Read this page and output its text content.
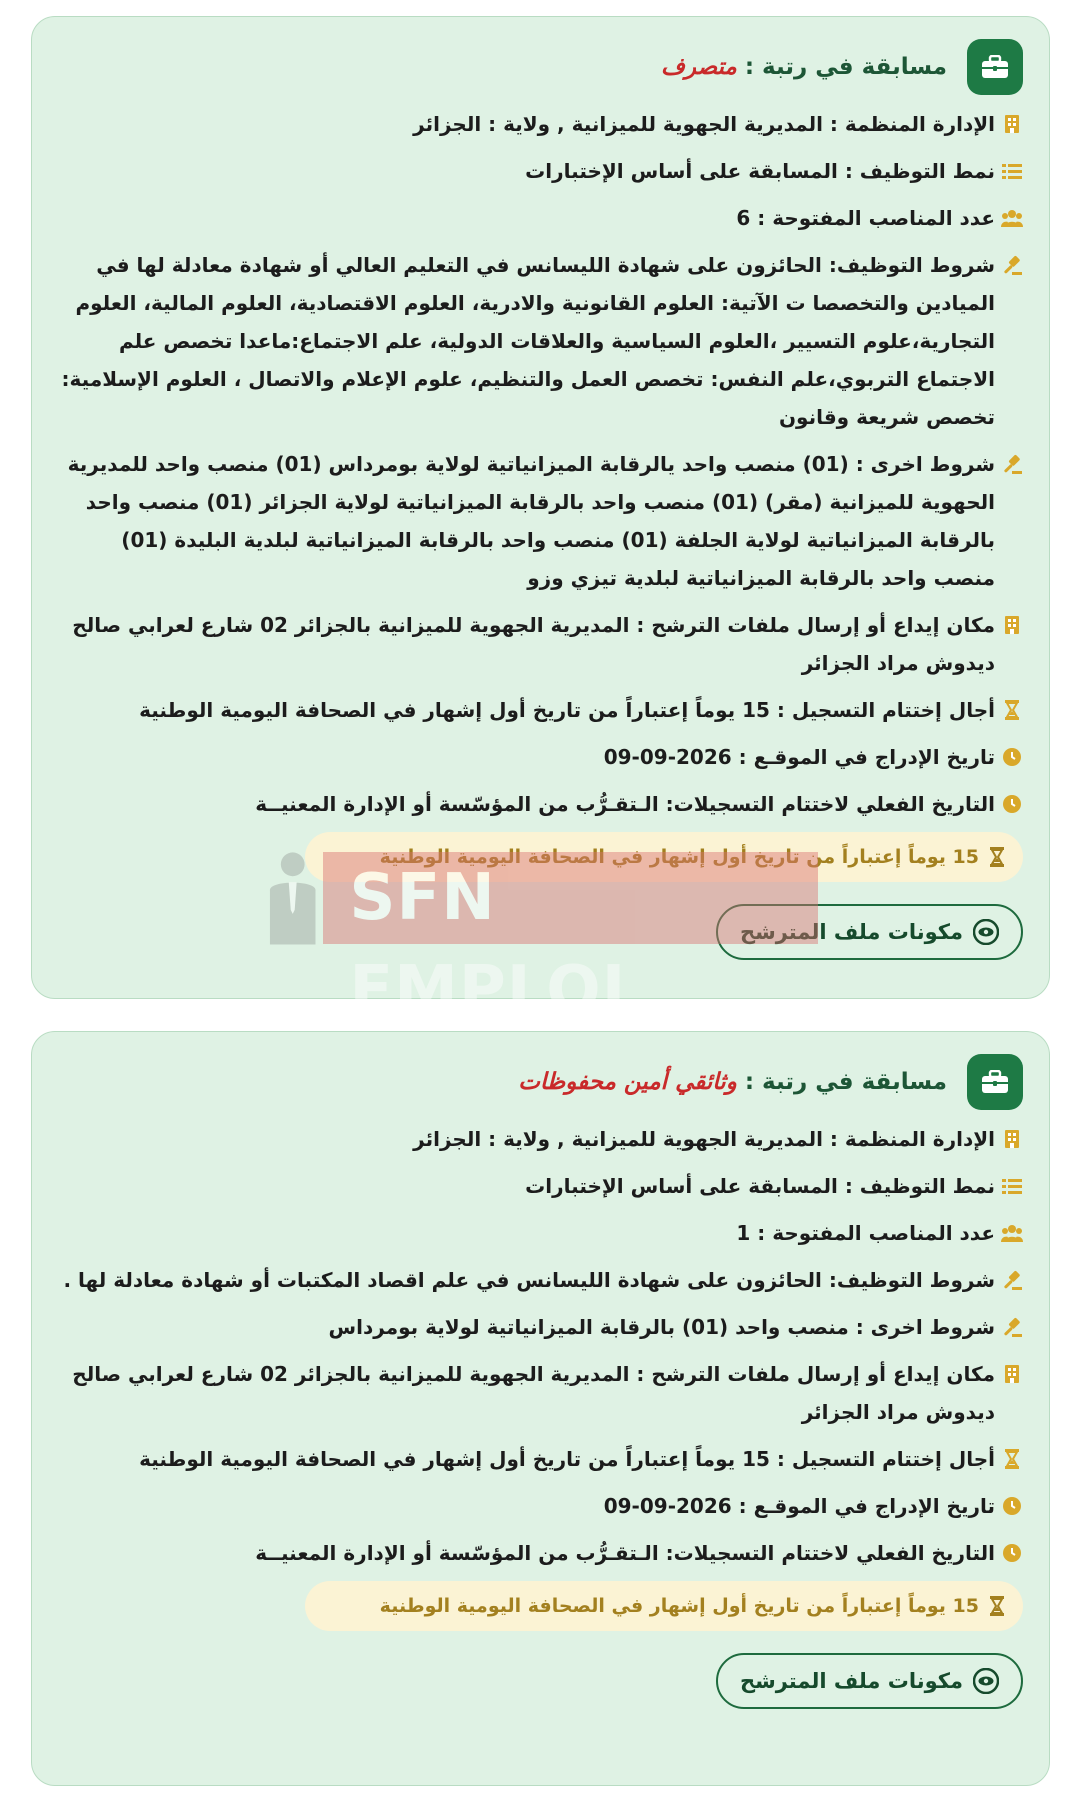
مسابقة في رتبة : متصرف
الإدارة المنظمة : المديرية الجهوية للميزانية , ولاية : الجزائر
نمط التوظيف : المسابقة على أساس الإختبارات
عدد المناصب المفتوحة : 6
شروط التوظيف: الحائزون على شهادة الليسانس في التعليم العالي أو شهادة معادلة لها في الميادين والتخصصا ت الآتية: العلوم القانونية والادرية، العلوم الاقتصادية، العلوم المالية، العلوم التجارية،علوم التسيير ،العلوم السياسية والعلاقات الدولية، علم الاجتماع:ماعدا تخصص علم الاجتماع التربوي،علم النفس: تخصص العمل والتنظيم، علوم الإعلام والاتصال ، العلوم الإسلامية: تخصص شريعة وقانون
شروط اخرى : (01) منصب واحد يالرقابة الميزانياتية لولاية بومرداس (01) منصب واحد للمديرية الحهوية للميزانية (مقر) (01) منصب واحد بالرقابة الميزانياتية لولاية الجزائر (01) منصب واحد بالرقابة الميزانياتية لولاية الجلفة (01) منصب واحد بالرقابة الميزانياتية لبلدية البليدة (01) منصب واحد بالرقابة الميزانياتية لبلدية تيزي وزو
مكان إيداع أو إرسال ملفات الترشح : المديرية الجهوية للميزانية بالجزائر 02 شارع لعرابي صالح ديدوش مراد الجزائر
أجال إختتام التسجيل : 15 يوماً إعتباراً من تاريخ أول إشهار في الصحافة اليومية الوطنية
تاريخ الإدراج في الموقـع : 2026-09-09
التاريخ الفعلي لاختتام التسجيلات: الـتقـرُّب من المؤسّسة أو الإدارة المعنيــة
15 يوماً إعتباراً من تاريخ أول إشهار في الصحافة اليومية الوطنية
مكونات ملف المترشح
مسابقة في رتبة : وثائقي أمين محفوظات
الإدارة المنظمة : المديرية الجهوية للميزانية , ولاية : الجزائر
نمط التوظيف : المسابقة على أساس الإختبارات
عدد المناصب المفتوحة : 1
شروط التوظيف: الحائزون على شهادة الليسانس في علم اقصاد المكتبات أو شهادة معادلة لها .
شروط اخرى : منصب واحد (01) بالرقابة الميزانياتية لولاية بومرداس
مكان إيداع أو إرسال ملفات الترشح : المديرية الجهوية للميزانية بالجزائر 02 شارع لعرابي صالح ديدوش مراد الجزائر
أجال إختتام التسجيل : 15 يوماً إعتباراً من تاريخ أول إشهار في الصحافة اليومية الوطنية
تاريخ الإدراج في الموقـع : 2026-09-09
التاريخ الفعلي لاختتام التسجيلات: الـتقـرُّب من المؤسّسة أو الإدارة المعنيــة
15 يوماً إعتباراً من تاريخ أول إشهار في الصحافة اليومية الوطنية
مكونات ملف المترشح
SFN EMPLOI
